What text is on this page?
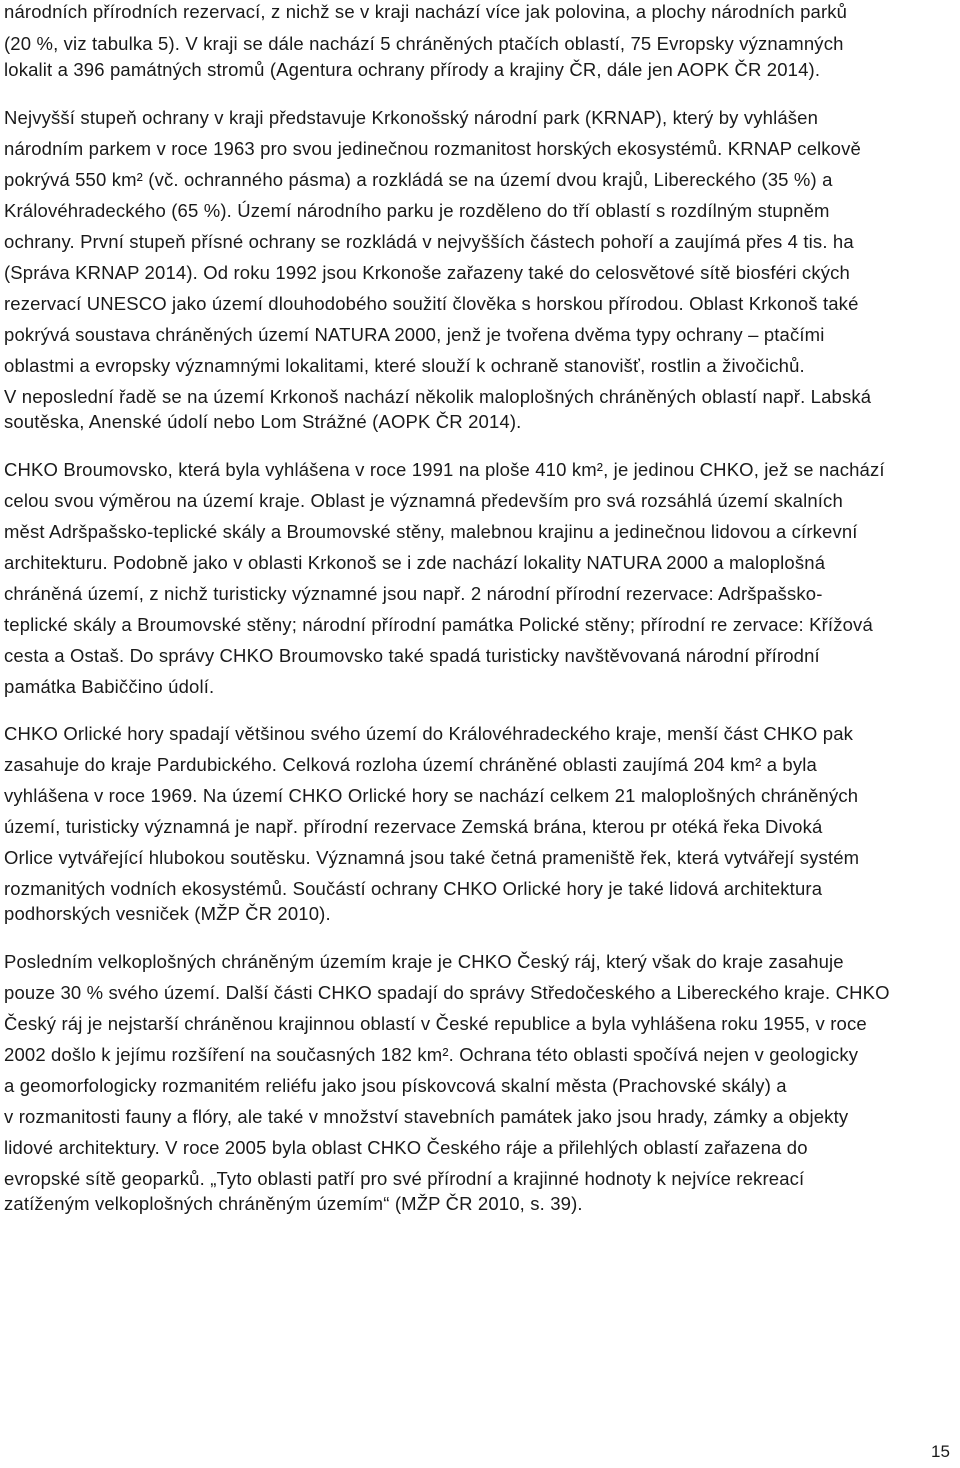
národních přírodních rezervací, z nichž se v kraji nachází více jak polovina, a plochy národních parků
(20 %, viz tabulka 5). V kraji se dále nachází 5 chráněných ptačích oblastí, 75 Evropsky významných
lokalit a 396 památných stromů (Agentura ochrany přírody a krajiny ČR, dále jen AOPK ČR 2014).
Nejvyšší stupeň ochrany v kraji představuje Krkonošský národní park (KRNAP), který by vyhlášen
národním parkem v roce 1963 pro svou jedinečnou rozmanitost horských ekosystémů. KRNAP celkově
pokrývá 550 km² (vč. ochranného pásma) a rozkládá se na území dvou krajů, Libereckého (35 %) a
Královéhradeckého (65 %). Území národního parku je rozděleno do tří oblastí s rozdílným stupněm
ochrany. První stupeň přísné ochrany se rozkládá v nejvyšších částech pohoří a zaujímá přes 4 tis. ha
(Správa KRNAP 2014). Od roku 1992 jsou Krkonoše zařazeny také do celosvětové sítě biosféri ckých
rezervací UNESCO jako území dlouhodobého soužití člověka s horskou přírodou. Oblast Krkonoš také
pokrývá soustava chráněných území NATURA 2000, jenž je tvořena dvěma typy ochrany – ptačími
oblastmi a evropsky významnými lokalitami, které slouží k ochraně stanovišť, rostlin a živočichů.
V neposlední řadě se na území Krkonoš nachází několik maloplošných chráněných oblastí např. Labská
soutěska, Anenské údolí nebo Lom Strážné (AOPK ČR 2014).
CHKO Broumovsko, která byla vyhlášena v roce 1991 na ploše 410 km², je jedinou CHKO, jež se nachází
celou svou výměrou na území kraje. Oblast je významná především pro svá rozsáhlá území skalních
měst Adršpašsko-teplické skály a Broumovské stěny, malebnou krajinu a jedinečnou lidovou a církevní
architekturu. Podobně jako v oblasti Krkonoš se i zde nachází lokality NATURA 2000 a maloplošná
chráněná území, z nichž turisticky významné jsou např. 2 národní přírodní rezervace: Adršpašsko-
teplické skály a Broumovské stěny; národní přírodní památka Polické stěny; přírodní re zervace: Křížová
cesta a Ostaš. Do správy CHKO Broumovsko také spadá turisticky navštěvovaná národní přírodní
památka Babiččino údolí.
CHKO Orlické hory spadají většinou svého území do Královéhradeckého kraje, menší část CHKO pak
zasahuje do kraje Pardubického. Celková rozloha území chráněné oblasti zaujímá 204 km² a byla
vyhlášena v roce 1969. Na území CHKO Orlické hory se nachází celkem 21 maloplošných chráněných
území, turisticky významná je např. přírodní rezervace Zemská brána, kterou pr otéká řeka Divoká
Orlice vytvářející hlubokou soutěsku. Významná jsou také četná prameniště řek, která vytvářejí systém
rozmanitých vodních ekosystémů. Součástí ochrany CHKO Orlické hory je také lidová architektura
podhorských vesniček (MŽP ČR 2010).
Posledním velkoplošných chráněným územím kraje je CHKO Český ráj, který však do kraje zasahuje
pouze 30 % svého území. Další části CHKO spadají do správy Středočeského a Libereckého kraje. CHKO
Český ráj je nejstarší chráněnou krajinnou oblastí v České republice a byla vyhlášena roku 1955, v roce
2002 došlo k jejímu rozšíření na současných 182 km². Ochrana této oblasti spočívá nejen v geologicky
a geomorfologicky rozmanitém reliéfu jako jsou pískovcová skalní města (Prachovské skály) a
v rozmanitosti fauny a flóry, ale také v množství stavebních památek jako jsou hrady, zámky a objekty
lidové architektury. V roce 2005 byla oblast CHKO Českého ráje a přilehlých oblastí zařazena do
evropské sítě geoparků. „Tyto oblasti patří pro své přírodní a krajinné hodnoty k nejvíce rekreací
zatíženým velkoplošných chráněným územím“ (MŽP ČR 2010, s. 39).
15
